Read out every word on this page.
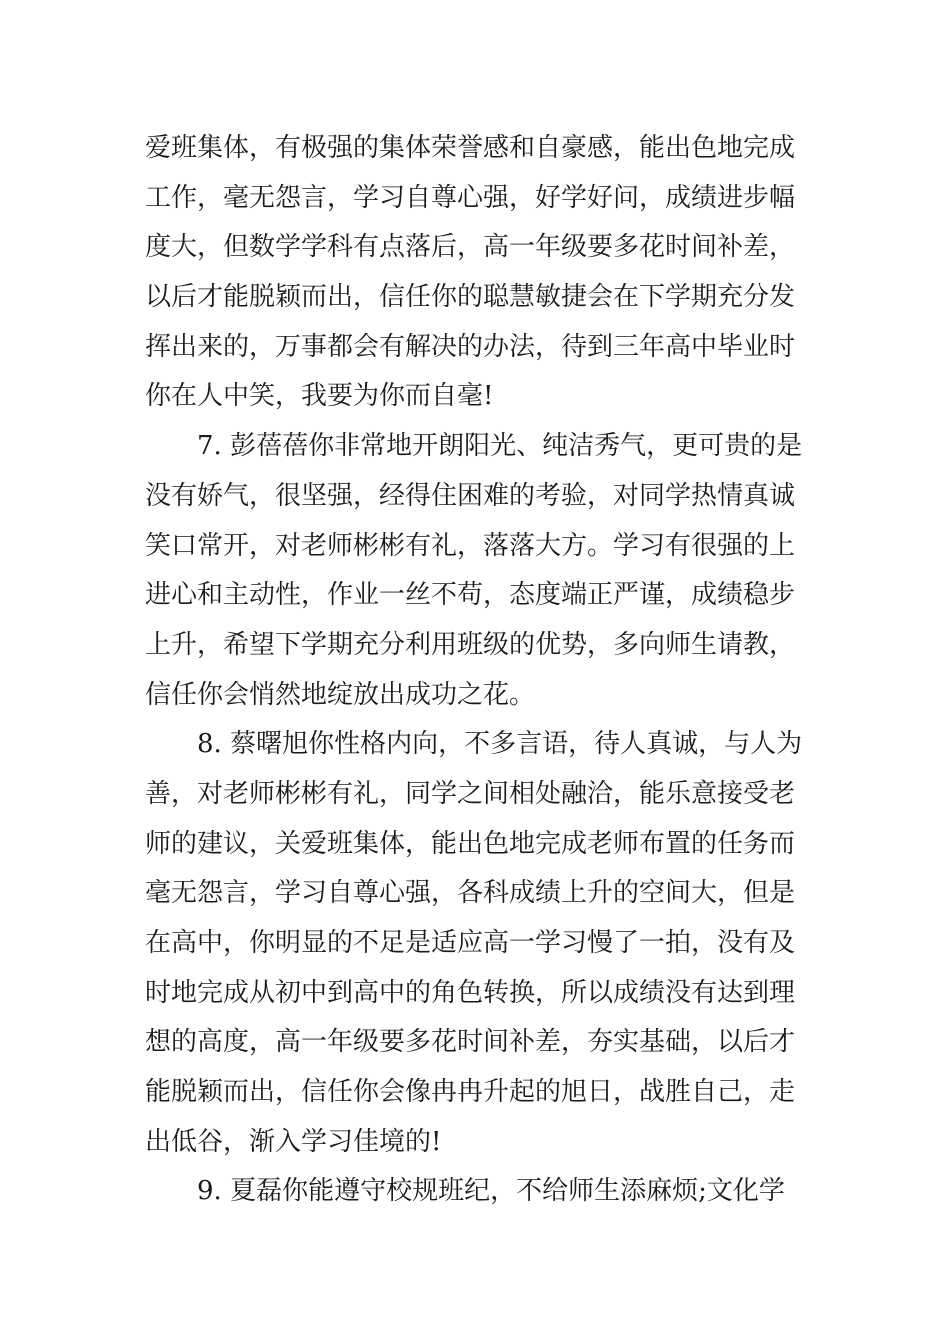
爱班集体，有极强的集体荣誉感和自豪感，能出色地完成
工作，毫无怨言，学习自尊心强，好学好问，成绩进步幅
度大，但数学学科有点落后，高一年级要多花时间补差，
以后才能脱颖而出，信任你的聪慧敏捷会在下学期充分发
挥出来的，万事都会有解决的办法，待到三年高中毕业时
你在人中笑，我要为你而自毫!
7. 彭蓓蓓你非常地开朗阳光、纯洁秀气，更可贵的是
没有娇气，很坚强，经得住困难的考验，对同学热情真诚
笑口常开，对老师彬彬有礼，落落大方。学习有很强的上
进心和主动性，作业一丝不苟，态度端正严谨，成绩稳步
上升，希望下学期充分利用班级的优势，多向师生请教，
信任你会悄然地绽放出成功之花。
8. 蔡曙旭你性格内向，不多言语，待人真诚，与人为
善，对老师彬彬有礼，同学之间相处融洽，能乐意接受老
师的建议，关爱班集体，能出色地完成老师布置的任务而
毫无怨言，学习自尊心强，各科成绩上升的空间大，但是
在高中，你明显的不足是适应高一学习慢了一拍，没有及
时地完成从初中到高中的角色转换，所以成绩没有达到理
想的高度，高一年级要多花时间补差，夯实基础，以后才
能脱颖而出，信任你会像冉冉升起的旭日，战胜自己，走
出低谷，渐入学习佳境的!
9. 夏磊你能遵守校规班纪，不给师生添麻烦;文化学
